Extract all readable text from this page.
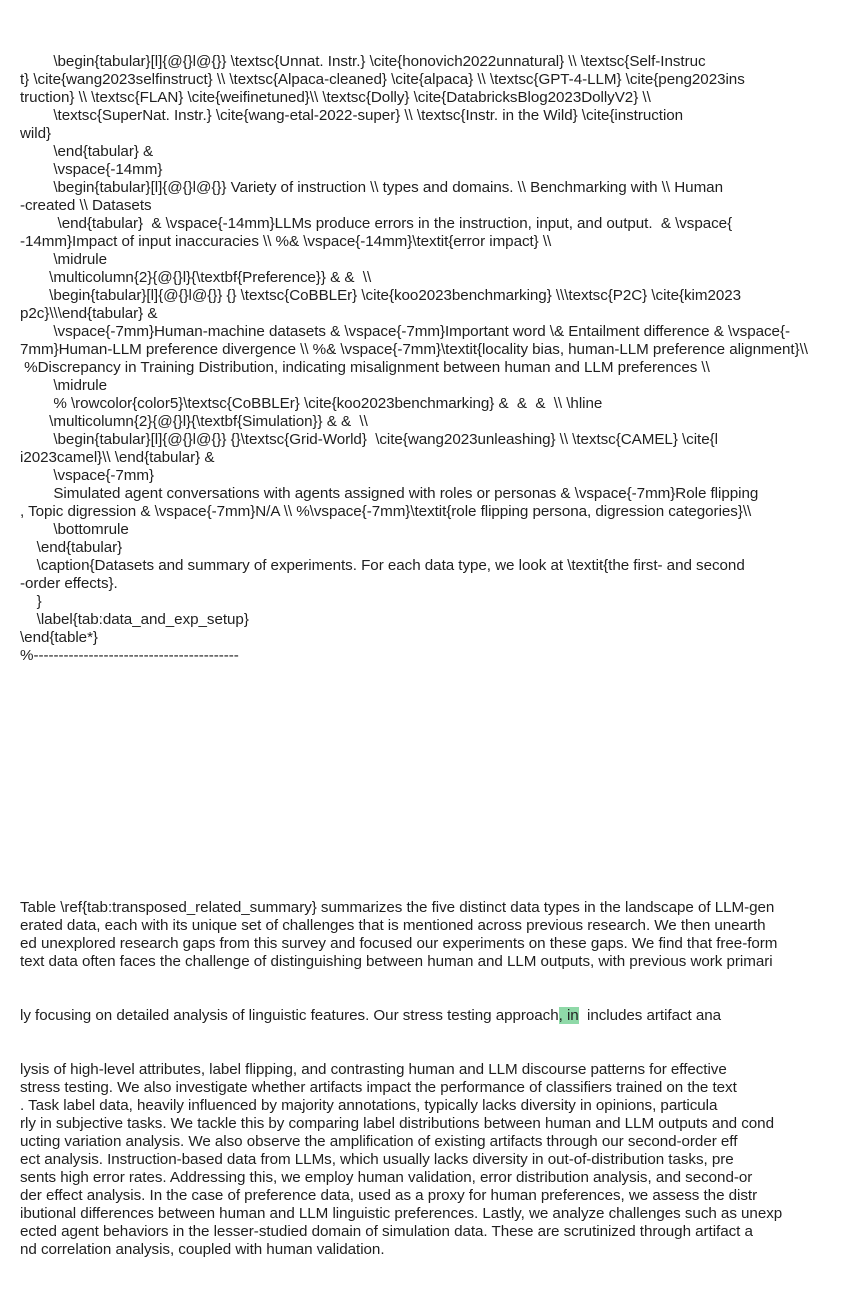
\begin{tabular}[l]{@{}l@{}} \textsc{Unnat. Instr.} \cite{honovich2022unnatural} \\ \textsc{Self-Instruc
t} \cite{wang2023selfinstruct} \\ \textsc{Alpaca-cleaned} \cite{alpaca} \\ \textsc{GPT-4-LLM} \cite{peng2023ins
truction} \\ \textsc{FLAN} \cite{weifinetuned}\\ \textsc{Dolly} \cite{DatabricksBlog2023DollyV2} \\
\textsc{SuperNat. Instr.} \cite{wang-etal-2022-super} \\ \textsc{Instr. in the Wild} \cite{instruction
wild}
\end{tabular} &
\vspace{-14mm}
\begin{tabular}[l]{@{}l@{}} Variety of instruction \\ types and domains. \\ Benchmarking with \\ Human
-created \\ Datasets
\end{tabular}  & \vspace{-14mm}LLMs produce errors in the instruction, input, and output.  & \vspace{
-14mm}Impact of input inaccuracies \\ %& \vspace{-14mm}\textit{error impact} \\
\midrule
\multicolumn{2}{@{}l}{\textbf{Preference}} & &  \\
\begin{tabular}[l]{@{}l@{}} {} \textsc{CoBBLEr} \cite{koo2023benchmarking} \\\textsc{P2C} \cite{kim2023
p2c}\\\end{tabular} &
\vspace{-7mm}Human-machine datasets & \vspace{-7mm}Important word \& Entailment difference & \vspace{-
7mm}Human-LLM preference divergence \\ %& \vspace{-7mm}\textit{locality bias, human-LLM preference alignment}\\
%Discrepancy in Training Distribution, indicating misalignment between human and LLM preferences \\
\midrule
% \rowcolor{color5}\textsc{CoBBLEr} \cite{koo2023benchmarking} &  &  &  \\ \hline
\multicolumn{2}{@{}l}{\textbf{Simulation}} & &  \\
\begin{tabular}[l]{@{}l@{}} {}\textsc{Grid-World}  \cite{wang2023unleashing} \\ \textsc{CAMEL} \cite{l
i2023camel}\\ \end{tabular} &
\vspace{-7mm}
Simulated agent conversations with agents assigned with roles or personas & \vspace{-7mm}Role flipping
, Topic digression & \vspace{-7mm}N/A \\ %\vspace{-7mm}\textit{role flipping persona, digression categories}\\
\bottomrule
\end{tabular}
\caption{Datasets and summary of experiments. For each data type, we look at \textit{the first- and second
-order effects}.
}
\label{tab:data_and_exp_setup}
\end{table*}
%-----------------------------------------

Table \ref{tab:transposed_related_summary} summarizes the five distinct data types in the landscape of LLM-gen
erated data, each with its unique set of challenges that is mentioned across previous research. We then unearth
ed unexplored research gaps from this survey and focused our experiments on these gaps. We find that free-form
text data often faces the challenge of distinguishing between human and LLM outputs, with previous work primari

ly focusing on detailed analysis of linguistic features. Our stress testing approach, in  includes artifact ana

lysis of high-level attributes, label flipping, and contrasting human and LLM discourse patterns for effective
stress testing. We also investigate whether artifacts impact the performance of classifiers trained on the text
. Task label data, heavily influenced by majority annotations, typically lacks diversity in opinions, particula
rly in subjective tasks. We tackle this by comparing label distributions between human and LLM outputs and cond
ucting variation analysis. We also observe the amplification of existing artifacts through our second-order eff
ect analysis. Instruction-based data from LLMs, which usually lacks diversity in out-of-distribution tasks, pre
sents high error rates. Addressing this, we employ human validation, error distribution analysis, and second-or
der effect analysis. In the case of preference data, used as a proxy for human preferences, we assess the distr
ibutional differences between human and LLM linguistic preferences. Lastly, we analyze challenges such as unexp
ected agent behaviors in the lesser-studied domain of simulation data. These are scrutinized through artifact a
nd correlation analysis, coupled with human validation.
